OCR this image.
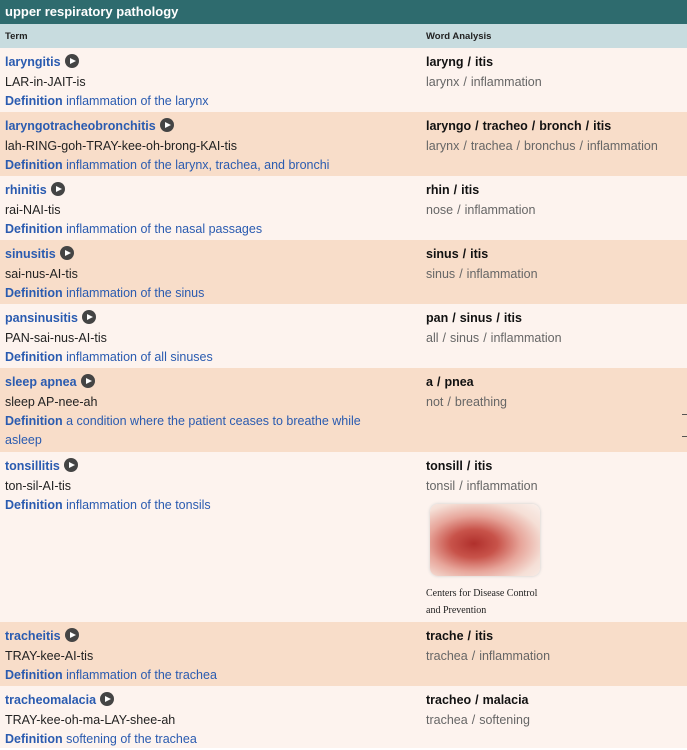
upper respiratory pathology
Term	Word Analysis
laryngitis
LAR-in-JAIT-is
Definition inflammation of the larynx
laryng / itis
larynx / inflammation
laryngotracheobronchitis
lah-RING-goh-TRAY-kee-oh-brong-KAI-tis
Definition inflammation of the larynx, trachea, and bronchi
laryngo / tracheo / bronch / itis
larynx / trachea / bronchus / inflammation
rhinitis
rai-NAI-tis
Definition inflammation of the nasal passages
rhin / itis
nose / inflammation
sinusitis
sai-nus-AI-tis
Definition inflammation of the sinus
sinus / itis
sinus / inflammation
pansinusitis
PAN-sai-nus-AI-tis
Definition inflammation of all sinuses
pan / sinus / itis
all / sinus / inflammation
sleep apnea
sleep AP-nee-ah
Definition a condition where the patient ceases to breathe while
asleep
a / pnea
not / breathing
tonsillitis
ton-sil-AI-tis
Definition inflammation of the tonsils
tonsill / itis
tonsil / inflammation
Centers for Disease Control
and Prevention
tracheitis
TRAY-kee-AI-tis
Definition inflammation of the trachea
trache / itis
trachea / inflammation
tracheomalacia
TRAY-kee-oh-ma-LAY-shee-ah
Definition softening of the trachea
tracheo / malacia
trachea / softening
